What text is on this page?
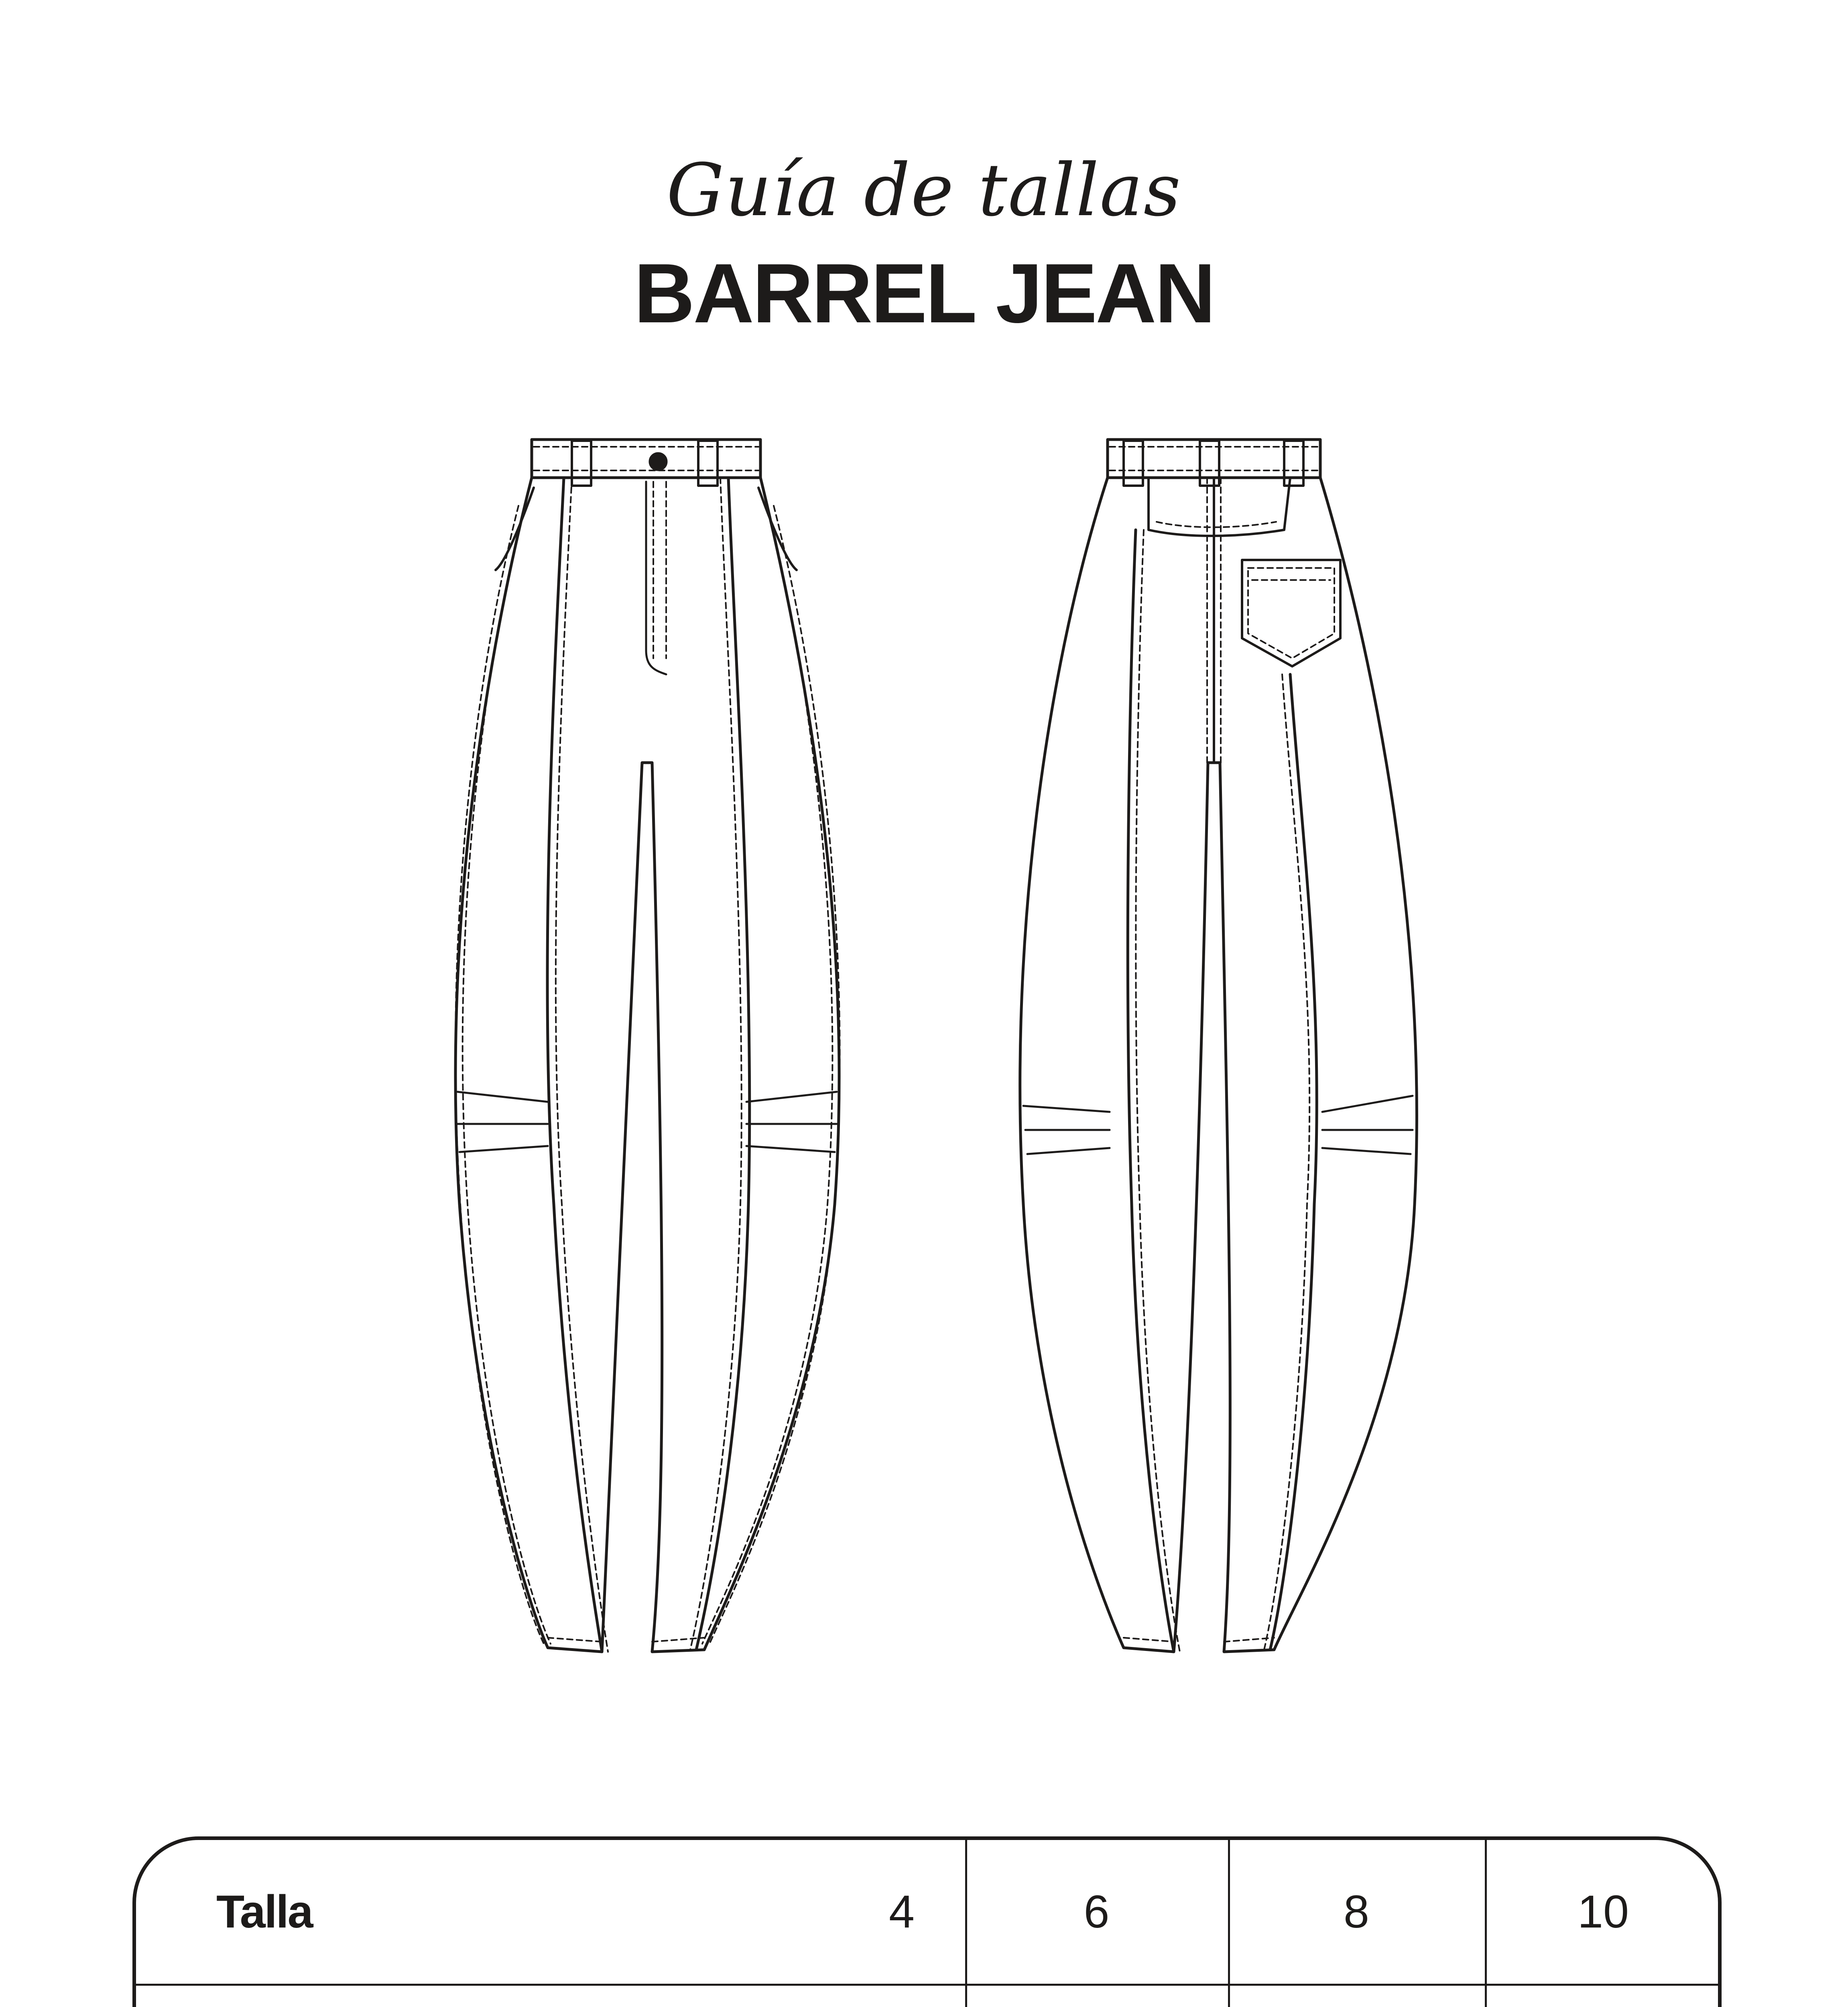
Guía de tallas
BARREL JEAN
Talla	4	6	8	10
